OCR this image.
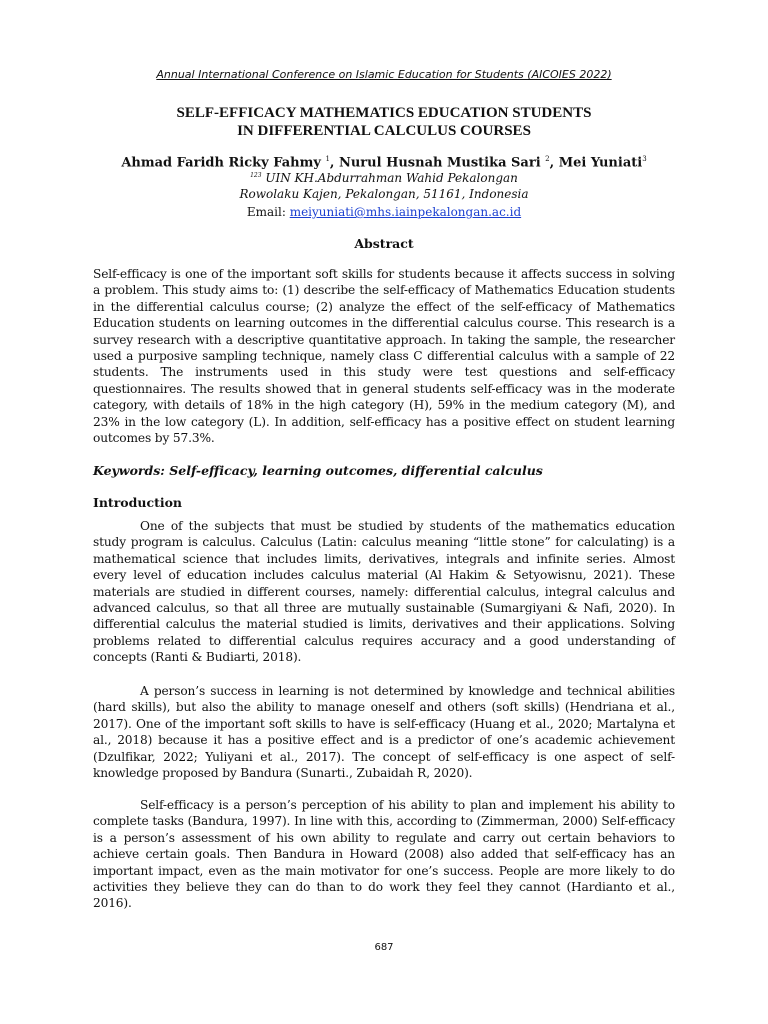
Annual International Conference on Islamic Education for Students (AICOIES 2022)
SELF-EFFICACY MATHEMATICS EDUCATION STUDENTS
IN DIFFERENTIAL CALCULUS COURSES
Ahmad Faridh Ricky Fahmy $^1$, Nurul Husnah Mustika Sari $^2$, Mei Yuniati$^3$
$^{123}$ UIN KH.Abdurrahman Wahid Pekalongan
Rowolaku Kajen, Pekalongan, 51161, Indonesia
Email: meiyuniati@mhs.iainpekalongan.ac.id
Abstract
Self-efficacy is one of the important soft skills for students because it affects success in solving a problem. This study aims to: (1) describe the self-efficacy of Mathematics Education students in the differential calculus course; (2) analyze the effect of the self-efficacy of Mathematics Education students on learning outcomes in the differential calculus course. This research is a survey research with a descriptive quantitative approach. In taking the sample, the researcher used a purposive sampling technique, namely class C differential calculus with a sample of 22 students. The instruments used in this study were test questions and self-efficacy questionnaires. The results showed that in general students self-efficacy was in the moderate category, with details of 18% in the high category (H), 59% in the medium category (M), and 23% in the low category (L). In addition, self-efficacy has a positive effect on student learning outcomes by 57.3%.
Keywords: Self-efficacy, learning outcomes, differential calculus
Introduction
One of the subjects that must be studied by students of the mathematics education study program is calculus. Calculus (Latin: calculus meaning “little stone” for calculating) is a mathematical science that includes limits, derivatives, integrals and infinite series. Almost every level of education includes calculus material (Al Hakim & Setyowisnu, 2021). These materials are studied in different courses, namely: differential calculus, integral calculus and advanced calculus, so that all three are mutually sustainable (Sumargiyani & Nafi, 2020). In differential calculus the material studied is limits, derivatives and their applications. Solving problems related to differential calculus requires accuracy and a good understanding of concepts (Ranti & Budiarti, 2018).
A person’s success in learning is not determined by knowledge and technical abilities (hard skills), but also the ability to manage oneself and others (soft skills) (Hendriana et al., 2017). One of the important soft skills to have is self-efficacy (Huang et al., 2020; Martalyna et al., 2018) because it has a positive effect and is a predictor of one’s academic achievement (Dzulfikar, 2022; Yuliyani et al., 2017). The concept of self-efficacy is one aspect of self-knowledge proposed by Bandura (Sunarti., Zubaidah R, 2020).
Self-efficacy is a person’s perception of his ability to plan and implement his ability to complete tasks (Bandura, 1997). In line with this, according to (Zimmerman, 2000) Self-efficacy is a person’s assessment of his own ability to regulate and carry out certain behaviors to achieve certain goals. Then Bandura in Howard (2008) also added that self-efficacy has an important impact, even as the main motivator for one’s success. People are more likely to do activities they believe they can do than to do work they feel they cannot (Hardianto et al., 2016).
687
